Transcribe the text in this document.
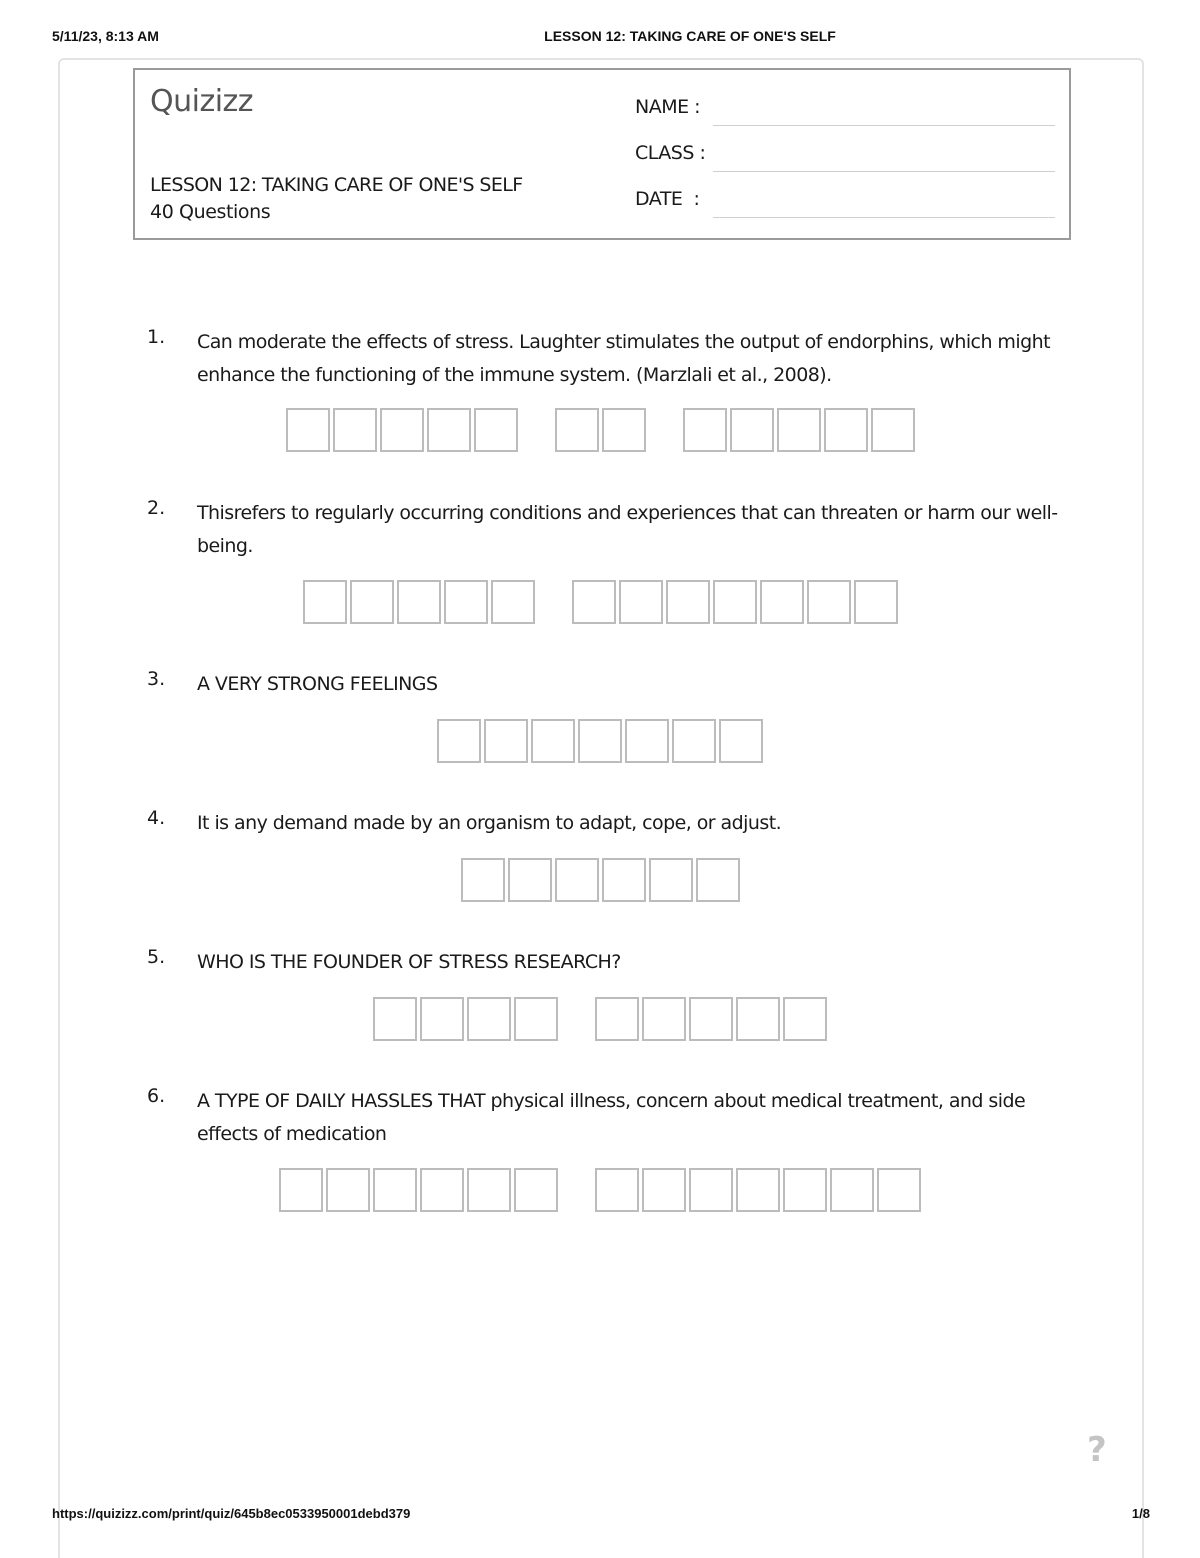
5/11/23, 8:13 AM	LESSON 12: TAKING CARE OF ONE'S SELF
Quizizz
LESSON 12: TAKING CARE OF ONE'S SELF
40 Questions
NAME :
CLASS :
DATE  :
1. Can moderate the effects of stress. Laughter stimulates the output of endorphins, which might enhance the functioning of the immune system. (Marzlali et al., 2008).
2. Thisrefers to regularly occurring conditions and experiences that can threaten or harm our well-being.
3. A VERY STRONG FEELINGS
4. It is any demand made by an organism to adapt, cope, or adjust.
5. WHO IS THE FOUNDER OF STRESS RESEARCH?
6. A TYPE OF DAILY HASSLES THAT physical illness, concern about medical treatment, and side effects of medication
?
https://quizizz.com/print/quiz/645b8ec0533950001debd379	1/8
